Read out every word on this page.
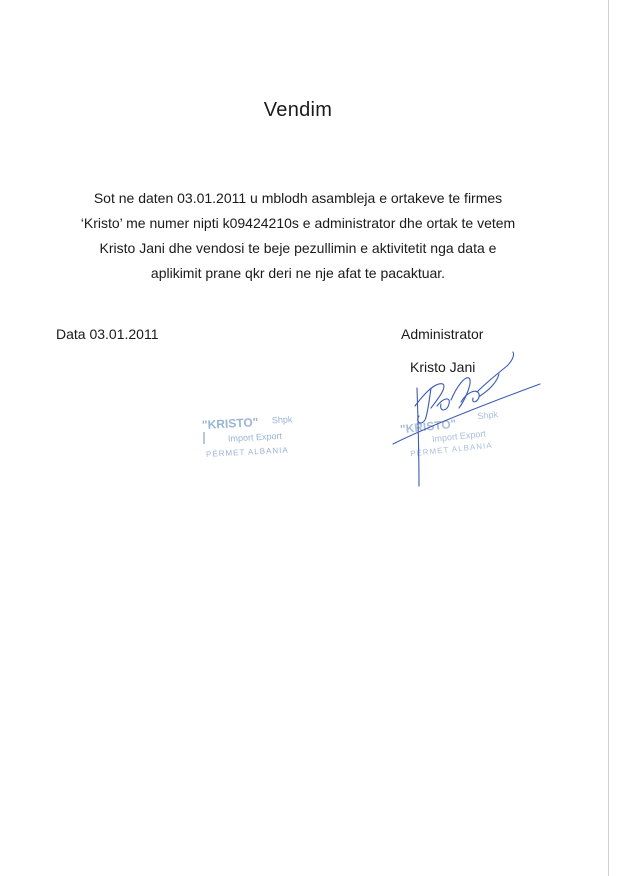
Vendim
Sot ne daten 03.01.2011 u mblodh asambleja e ortakeve te firmes
‘Kristo’ me numer nipti k09424210s e administrator dhe ortak te vetem
Kristo Jani dhe vendosi te beje pezullimin e aktivitetit nga data e
aplikimit prane qkr deri ne nje afat te pacaktuar.
Data 03.01.2011	Administrator
Kristo Jani
"KRISTO" Shpk
Import Export
PËRMET ALBANIA
"KRISTO"
Shpk
Import Export
PËRMET ALBANIA
